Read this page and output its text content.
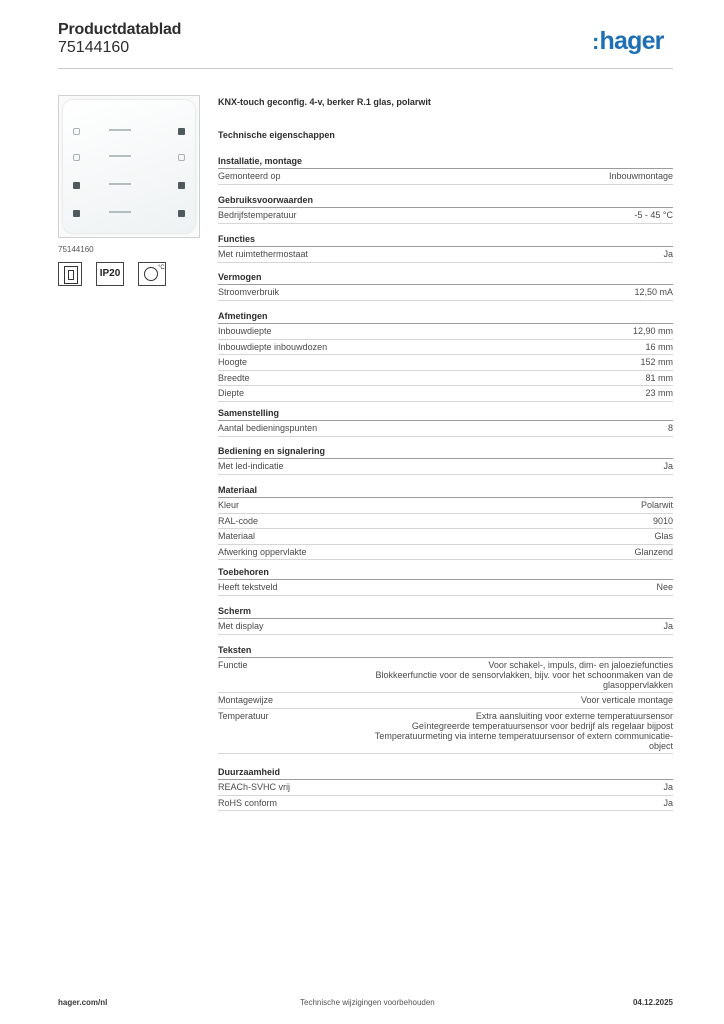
Productdatablad
75144160	:hager
75144160
IP20	°C
KNX-touch geconfig. 4-v, berker R.1 glas, polarwit
Technische eigenschappen
Installatie, montage
Gemonteerd op	Inbouwmontage
Gebruiksvoorwaarden
Bedrijfstemperatuur	-5 - 45 °C
Functies
Met ruimtethermostaat	Ja
Vermogen
Stroomverbruik	12,50 mA
Afmetingen
Inbouwdiepte	12,90 mm
Inbouwdiepte inbouwdozen	16 mm
Hoogte	152 mm
Breedte	81 mm
Diepte	23 mm
Samenstelling
Aantal bedieningspunten	8
Bediening en signalering
Met led-indicatie	Ja
Materiaal
Kleur	Polarwit
RAL-code	9010
Materiaal	Glas
Afwerking oppervlakte	Glanzend
Toebehoren
Heeft tekstveld	Nee
Scherm
Met display	Ja
Teksten
Functie	Voor schakel-, impuls, dim- en jaloeziefuncties
Blokkeerfunctie voor de sensorvlakken, bijv. voor het schoonmaken van de
glasoppervlakken
Montagewijze	Voor verticale montage
Temperatuur	Extra aansluiting voor externe temperatuursensor
Geïntegreerde temperatuursensor voor bedrijf als regelaar bijpost
Temperatuurmeting via interne temperatuursensor of extern communicatie-
object
Duurzaamheid
REACh-SVHC vrij	Ja
RoHS conform	Ja
hager.com/nl	Technische wijzigingen voorbehouden	04.12.2025
